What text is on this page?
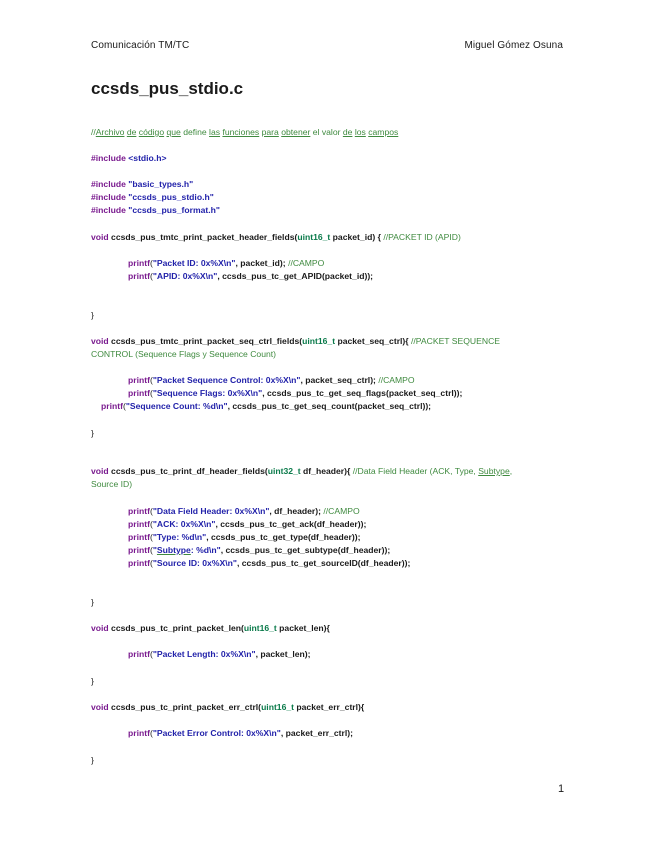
Comunicación TM/TC	Miguel Gómez Osuna
ccsds_pus_stdio.c
//Archivo de código que define las funciones para obtener el valor de los campos
#include <stdio.h>
#include "basic_types.h"
#include "ccsds_pus_stdio.h"
#include "ccsds_pus_format.h"
void ccsds_pus_tmtc_print_packet_header_fields(uint16_t packet_id) { //PACKET ID (APID)
printf("Packet ID: 0x%X\n", packet_id); //CAMPO
printf("APID: 0x%X\n", ccsds_pus_tc_get_APID(packet_id));
}
void ccsds_pus_tmtc_print_packet_seq_ctrl_fields(uint16_t packet_seq_ctrl){ //PACKET SEQUENCE
CONTROL (Sequence Flags y Sequence Count)
printf("Packet Sequence Control: 0x%X\n", packet_seq_ctrl); //CAMPO
printf("Sequence Flags: 0x%X\n", ccsds_pus_tc_get_seq_flags(packet_seq_ctrl));
printf("Sequence Count: %d\n", ccsds_pus_tc_get_seq_count(packet_seq_ctrl));
}
void ccsds_pus_tc_print_df_header_fields(uint32_t df_header){ //Data Field Header (ACK, Type, Subtype,
Source ID)
printf("Data Field Header: 0x%X\n", df_header); //CAMPO
printf("ACK: 0x%X\n", ccsds_pus_tc_get_ack(df_header));
printf("Type: %d\n", ccsds_pus_tc_get_type(df_header));
printf("Subtype: %d\n", ccsds_pus_tc_get_subtype(df_header));
printf("Source ID: 0x%X\n", ccsds_pus_tc_get_sourceID(df_header));
}
void ccsds_pus_tc_print_packet_len(uint16_t packet_len){
printf("Packet Length: 0x%X\n", packet_len);
}
void ccsds_pus_tc_print_packet_err_ctrl(uint16_t packet_err_ctrl){
printf("Packet Error Control: 0x%X\n", packet_err_ctrl);
}
1
